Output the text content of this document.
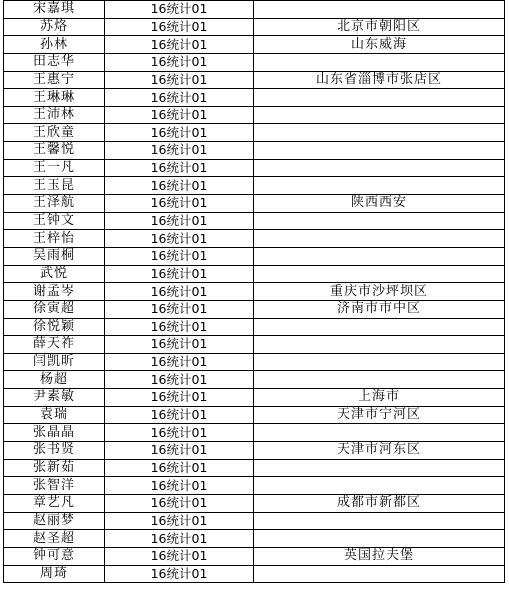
宋嘉琪	16统计01	
苏烙	16统计01	北京市朝阳区
孙林	16统计01	山东威海
田志华	16统计01	
王惠宁	16统计01	山东省淄博市张店区
王琳琳	16统计01	
王沛林	16统计01	
王欣童	16统计01	
王馨悦	16统计01	
王一凡	16统计01	
王玉昆	16统计01	
王泽航	16统计01	陕西西安
王钟文	16统计01	
王梓怡	16统计01	
吴雨桐	16统计01	
武悦	16统计01	
谢孟岑	16统计01	重庆市沙坪坝区
徐寅超	16统计01	济南市市中区
徐悦颖	16统计01	
薛天祚	16统计01	
闫凯昕	16统计01	
杨超	16统计01	
尹素敏	16统计01	上海市
袁瑞	16统计01	天津市宁河区
张晶晶	16统计01	
张书贤	16统计01	天津市河东区
张新茹	16统计01	
张智洋	16统计01	
章艺凡	16统计01	成都市新都区
赵丽梦	16统计01	
赵圣超	16统计01	
钟可意	16统计01	英国拉夫堡
周琦	16统计01	
